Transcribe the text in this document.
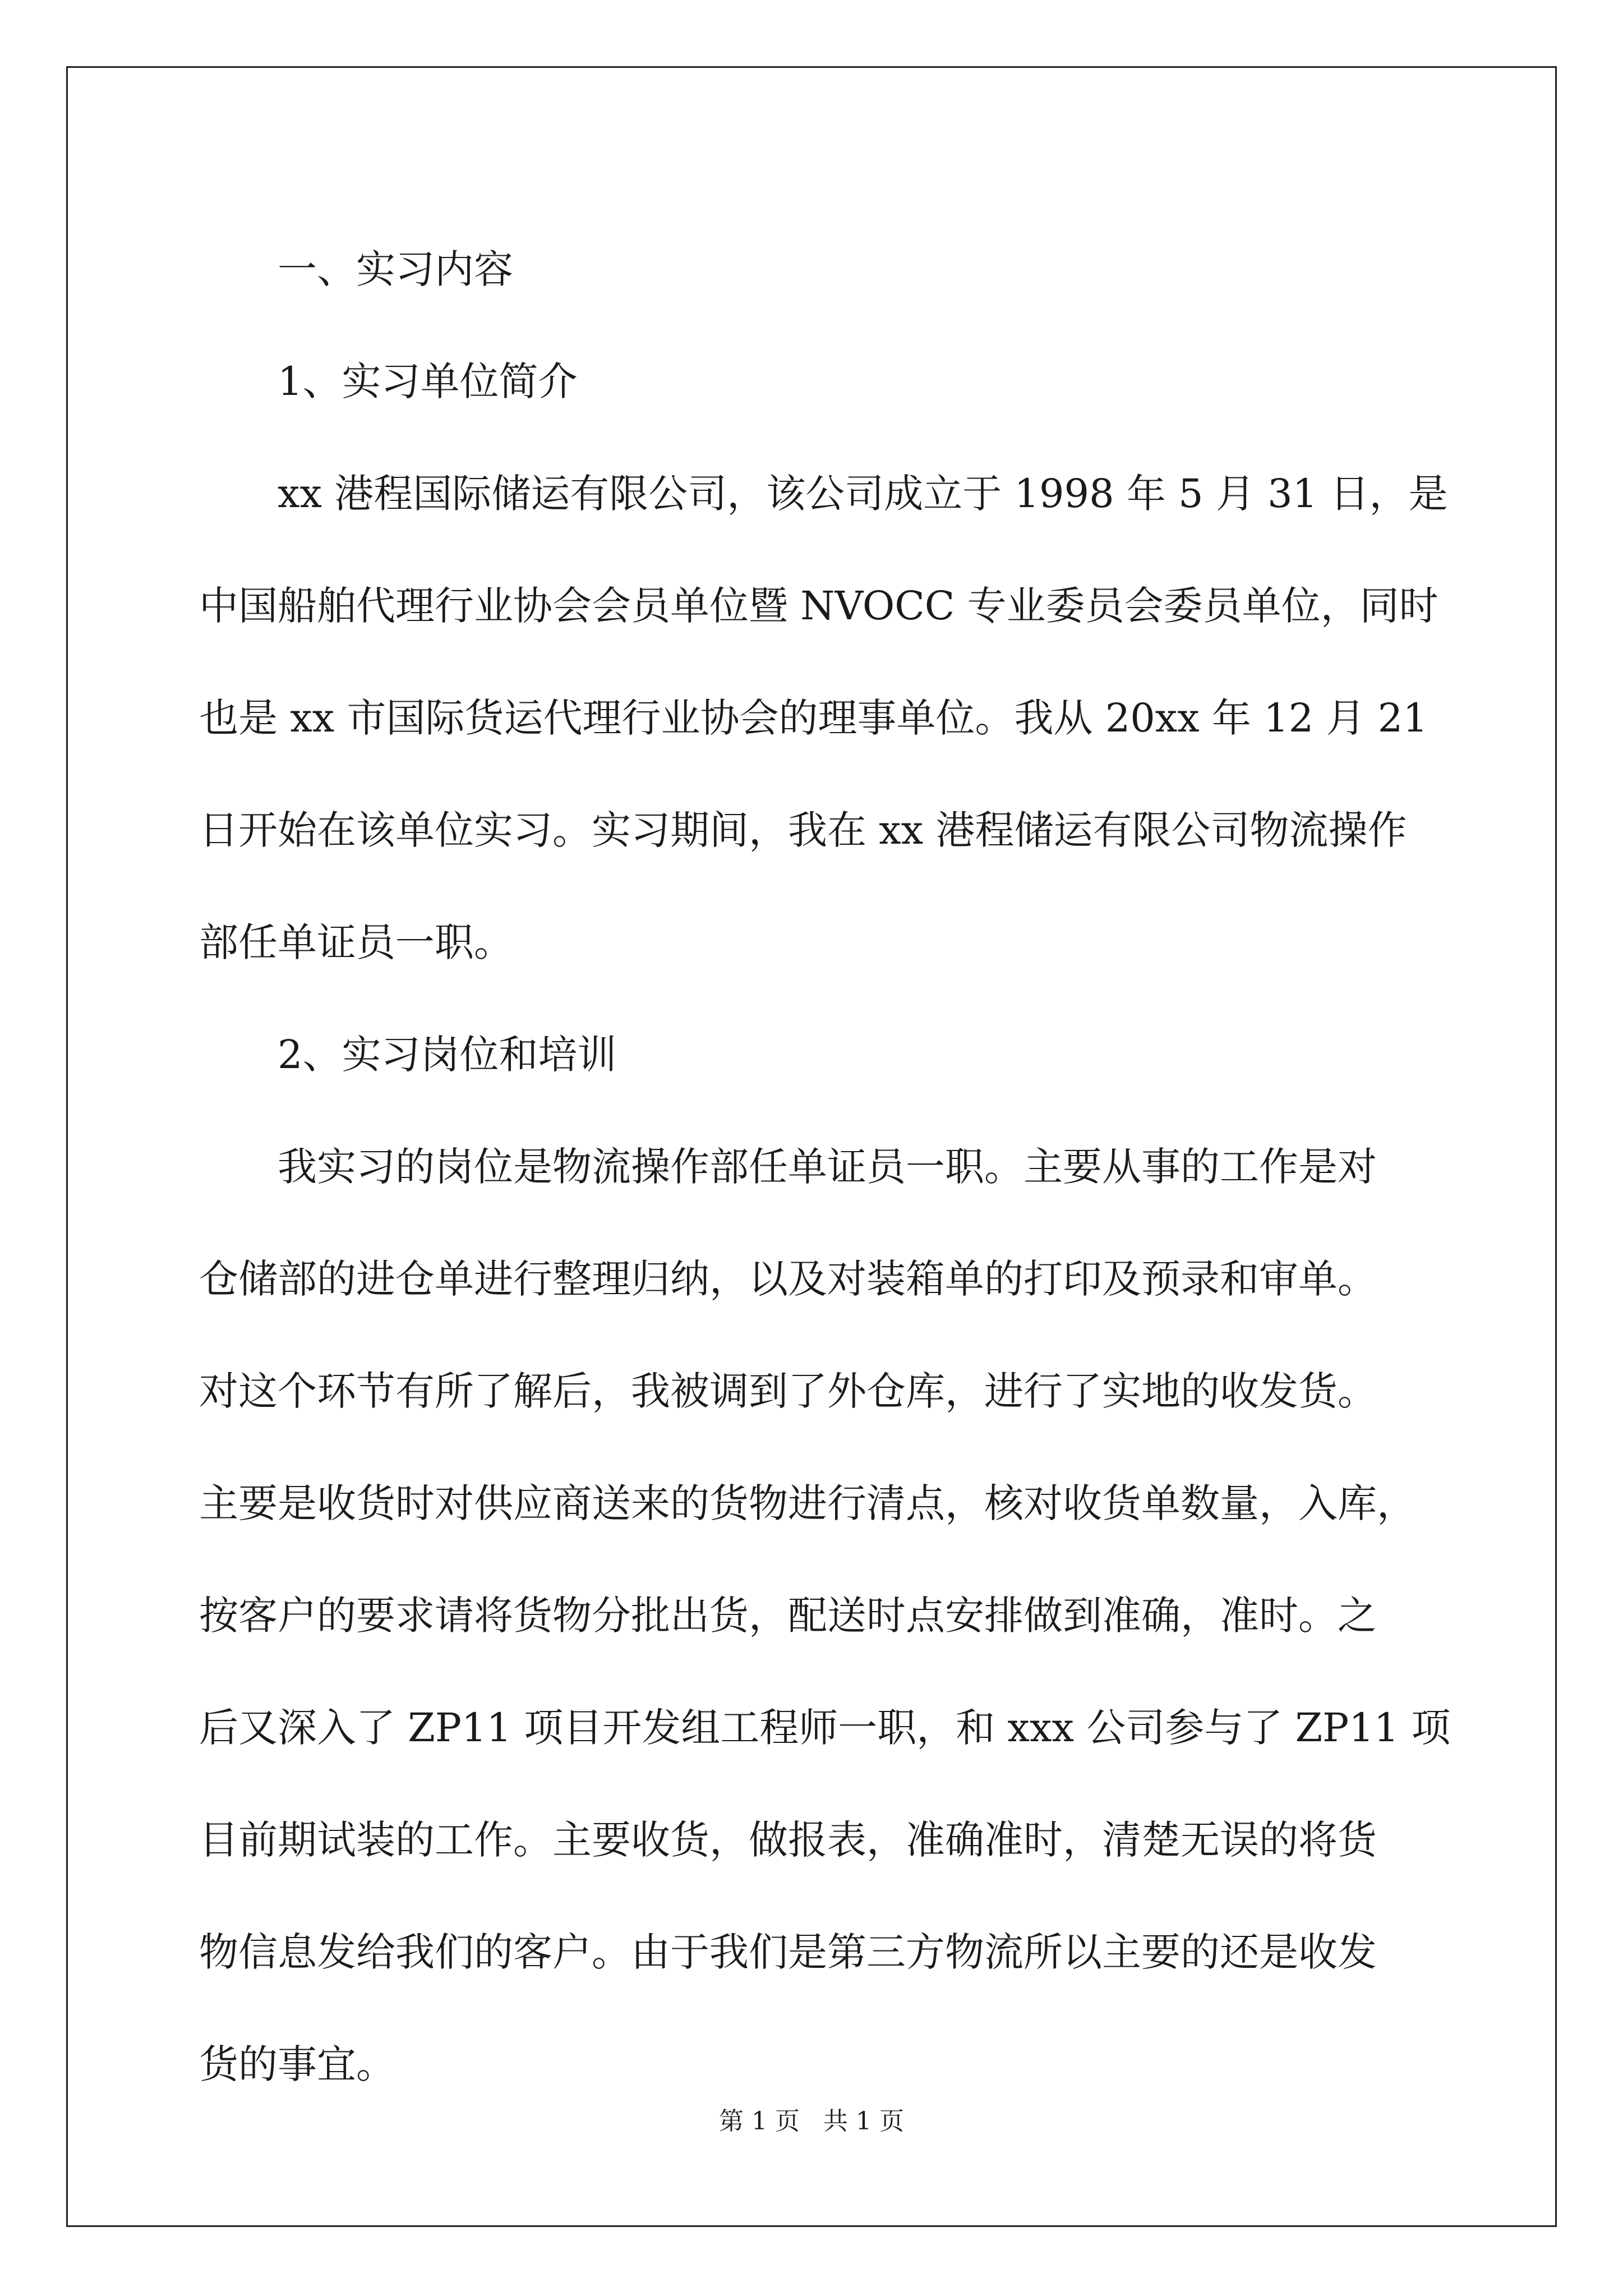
一、实习内容
1、实习单位简介
xx 港程国际储运有限公司，该公司成立于 1998 年 5 月 31 日，是
中国船舶代理行业协会会员单位暨 NVOCC 专业委员会委员单位，同时
也是 xx 市国际货运代理行业协会的理事单位。我从 20xx 年 12 月 21
日开始在该单位实习。实习期间，我在 xx 港程储运有限公司物流操作
部任单证员一职。
2、实习岗位和培训
我实习的岗位是物流操作部任单证员一职。主要从事的工作是对
仓储部的进仓单进行整理归纳，以及对装箱单的打印及预录和审单。
对这个环节有所了解后，我被调到了外仓库，进行了实地的收发货。
主要是收货时对供应商送来的货物进行清点，核对收货单数量，入库，
按客户的要求请将货物分批出货，配送时点安排做到准确，准时。之
后又深入了 ZP11 项目开发组工程师一职，和 xxx 公司参与了 ZP11 项
目前期试装的工作。主要收货，做报表，准确准时，清楚无误的将货
物信息发给我们的客户。由于我们是第三方物流所以主要的还是收发
货的事宜。
第 1 页   共 1 页
